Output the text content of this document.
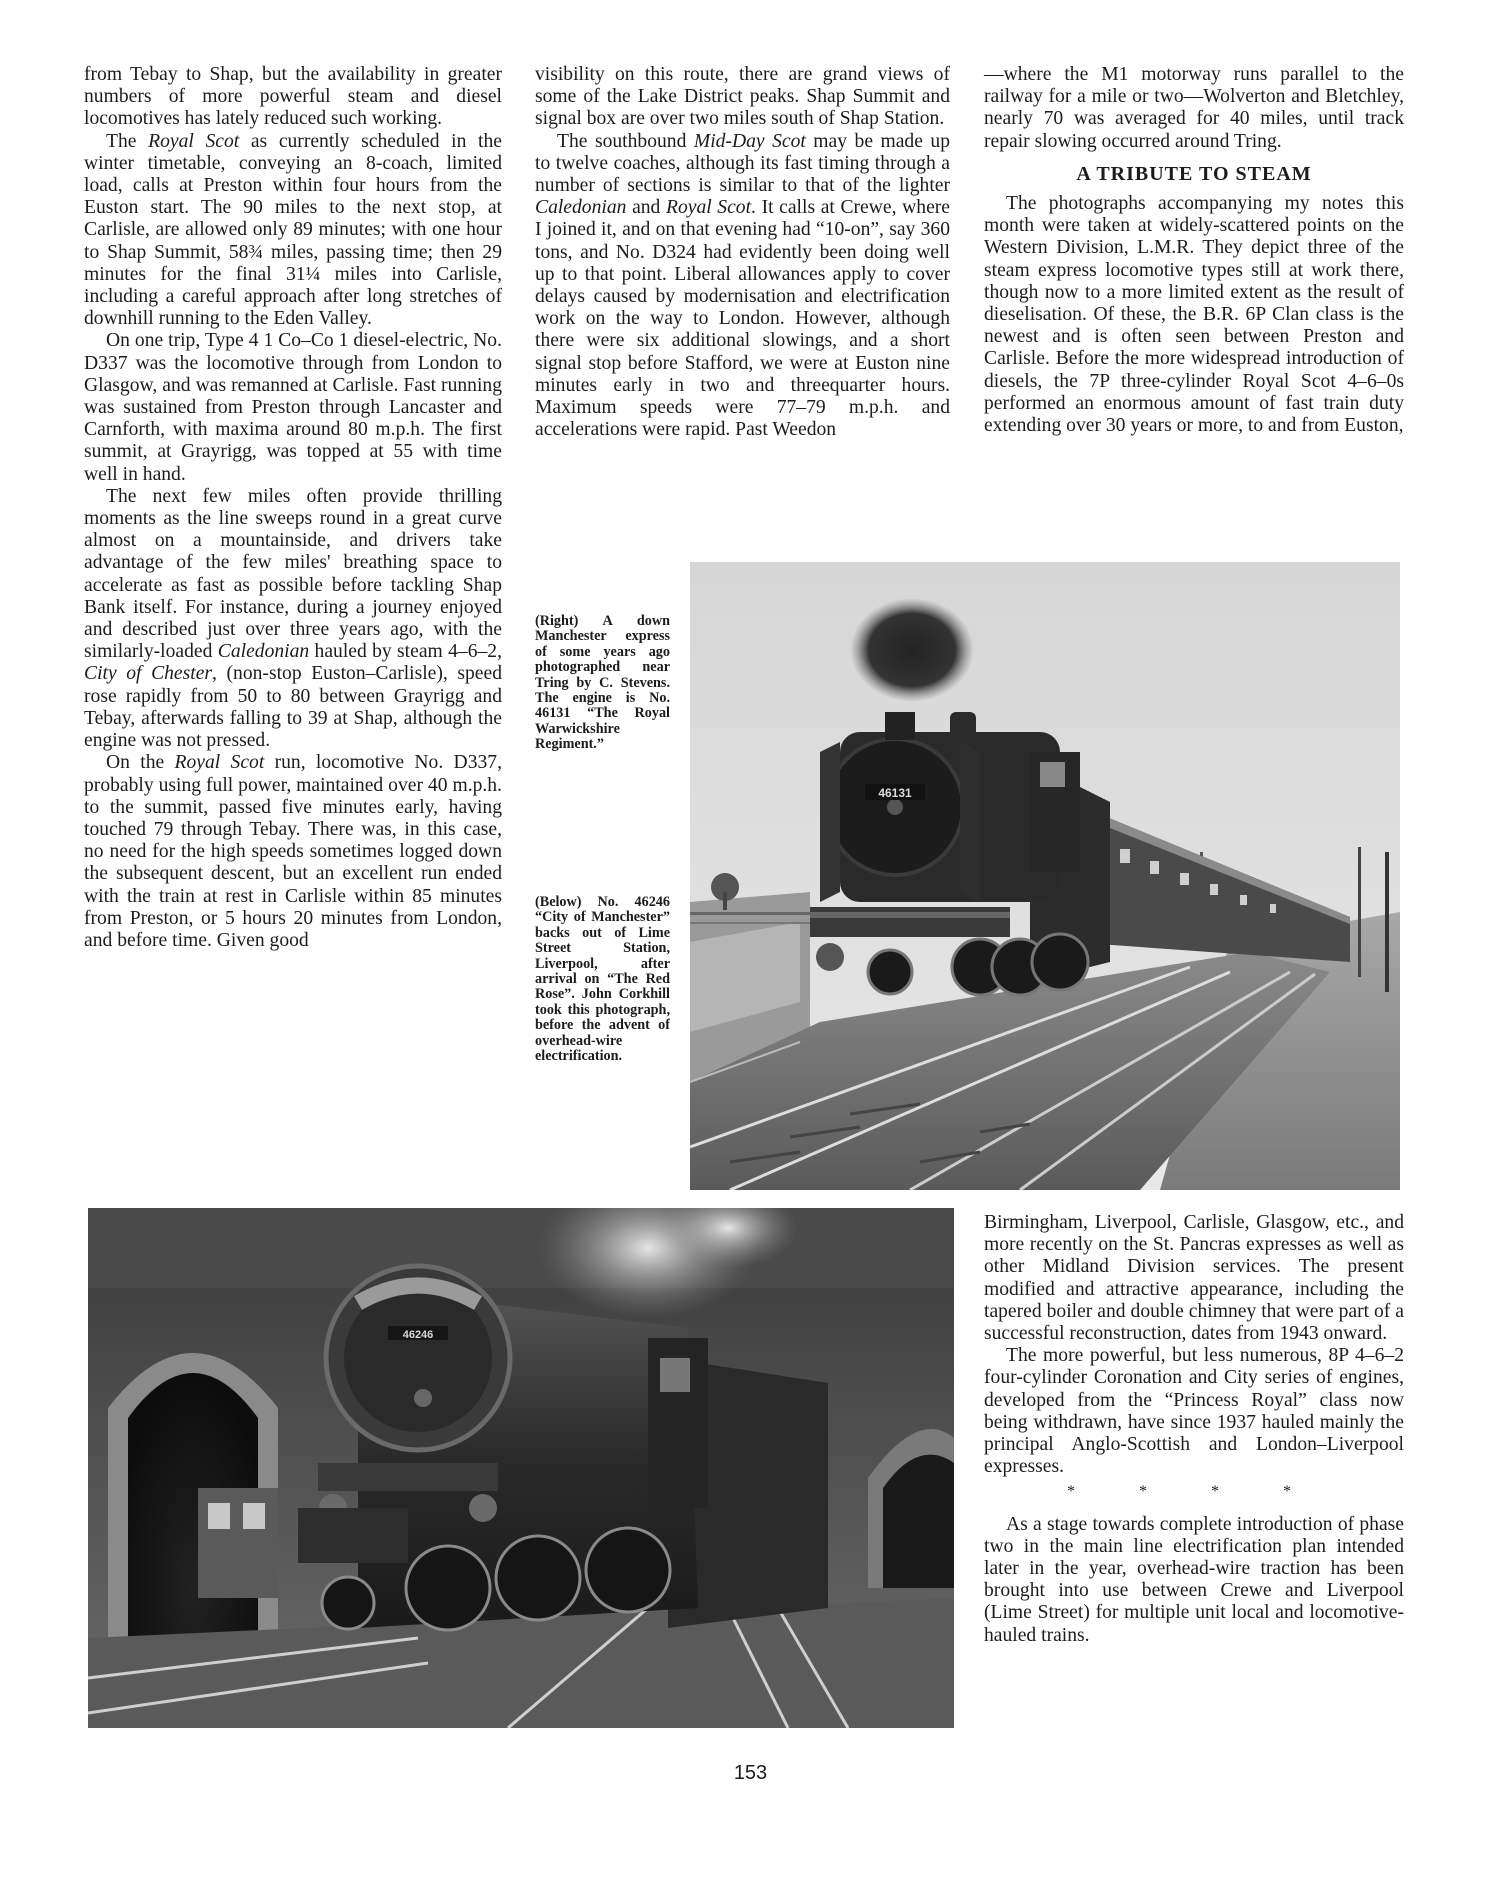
from Tebay to Shap, but the availability in greater numbers of more powerful steam and diesel locomotives has lately reduced such working.

The Royal Scot as currently scheduled in the winter timetable, conveying an 8-coach, limited load, calls at Preston within four hours from the Euston start. The 90 miles to the next stop, at Carlisle, are allowed only 89 minutes; with one hour to Shap Summit, 58¾ miles, passing time; then 29 minutes for the final 31¼ miles into Carlisle, including a careful approach after long stretches of downhill running to the Eden Valley.

On one trip, Type 4 1 Co–Co 1 diesel-electric, No. D337 was the locomotive through from London to Glasgow, and was remanned at Carlisle. Fast running was sustained from Preston through Lancaster and Carnforth, with maxima around 80 m.p.h. The first summit, at Grayrigg, was topped at 55 with time well in hand.

The next few miles often provide thrilling moments as the line sweeps round in a great curve almost on a mountainside, and drivers take advantage of the few miles' breathing space to accelerate as fast as possible before tackling Shap Bank itself. For instance, during a journey enjoyed and described just over three years ago, with the similarly-loaded Caledonian hauled by steam 4–6–2, City of Chester, (non-stop Euston–Carlisle), speed rose rapidly from 50 to 80 between Grayrigg and Tebay, afterwards falling to 39 at Shap, although the engine was not pressed.

On the Royal Scot run, locomotive No. D337, probably using full power, maintained over 40 m.p.h. to the summit, passed five minutes early, having touched 79 through Tebay. There was, in this case, no need for the high speeds sometimes logged down the subsequent descent, but an excellent run ended with the train at rest in Carlisle within 85 minutes from Preston, or 5 hours 20 minutes from London, and before time. Given good

visibility on this route, there are grand views of some of the Lake District peaks. Shap Summit and signal box are over two miles south of Shap Station.

The southbound Mid-Day Scot may be made up to twelve coaches, although its fast timing through a number of sections is similar to that of the lighter Caledonian and Royal Scot. It calls at Crewe, where I joined it, and on that evening had “10-on”, say 360 tons, and No. D324 had evidently been doing well up to that point. Liberal allowances apply to cover delays caused by modernisation and electrification work on the way to London. However, although there were six additional slowings, and a short signal stop before Stafford, we were at Euston nine minutes early in two and threequarter hours. Maximum speeds were 77–79 m.p.h. and accelerations were rapid. Past Weedon

—where the M1 motorway runs parallel to the railway for a mile or two—Wolverton and Bletchley, nearly 70 was averaged for 40 miles, until track repair slowing occurred around Tring.

A TRIBUTE TO STEAM

The photographs accompanying my notes this month were taken at widely-scattered points on the Western Division, L.M.R. They depict three of the steam express locomotive types still at work there, though now to a more limited extent as the result of dieselisation. Of these, the B.R. 6P Clan class is the newest and is often seen between Preston and Carlisle. Before the more widespread introduction of diesels, the 7P three-cylinder Royal Scot 4–6–0s performed an enormous amount of fast train duty extending over 30 years or more, to and from Euston,

(Right) A down Manchester express of some years ago photographed near Tring by C. Stevens. The engine is No. 46131 “The Royal Warwickshire Regiment.”
(Below) No. 46246 “City of Manchester” backs out of Lime Street Station, Liverpool, after arrival on “The Red Rose”. John Corkhill took this photograph, before the advent of overhead-wire electrification.
46131
46246

Birmingham, Liverpool, Carlisle, Glasgow, etc., and more recently on the St. Pancras expresses as well as other Midland Division services. The present modified and attractive appearance, including the tapered boiler and double chimney that were part of a successful reconstruction, dates from 1943 onward.

The more powerful, but less numerous, 8P 4–6–2 four-cylinder Coronation and City series of engines, developed from the “Princess Royal” class now being withdrawn, have since 1937 hauled mainly the principal Anglo-Scottish and London–Liverpool expresses.

* * * *

As a stage towards complete introduction of phase two in the main line electrification plan intended later in the year, overhead-wire traction has been brought into use between Crewe and Liverpool (Lime Street) for multiple unit local and locomotive-hauled trains.

153
